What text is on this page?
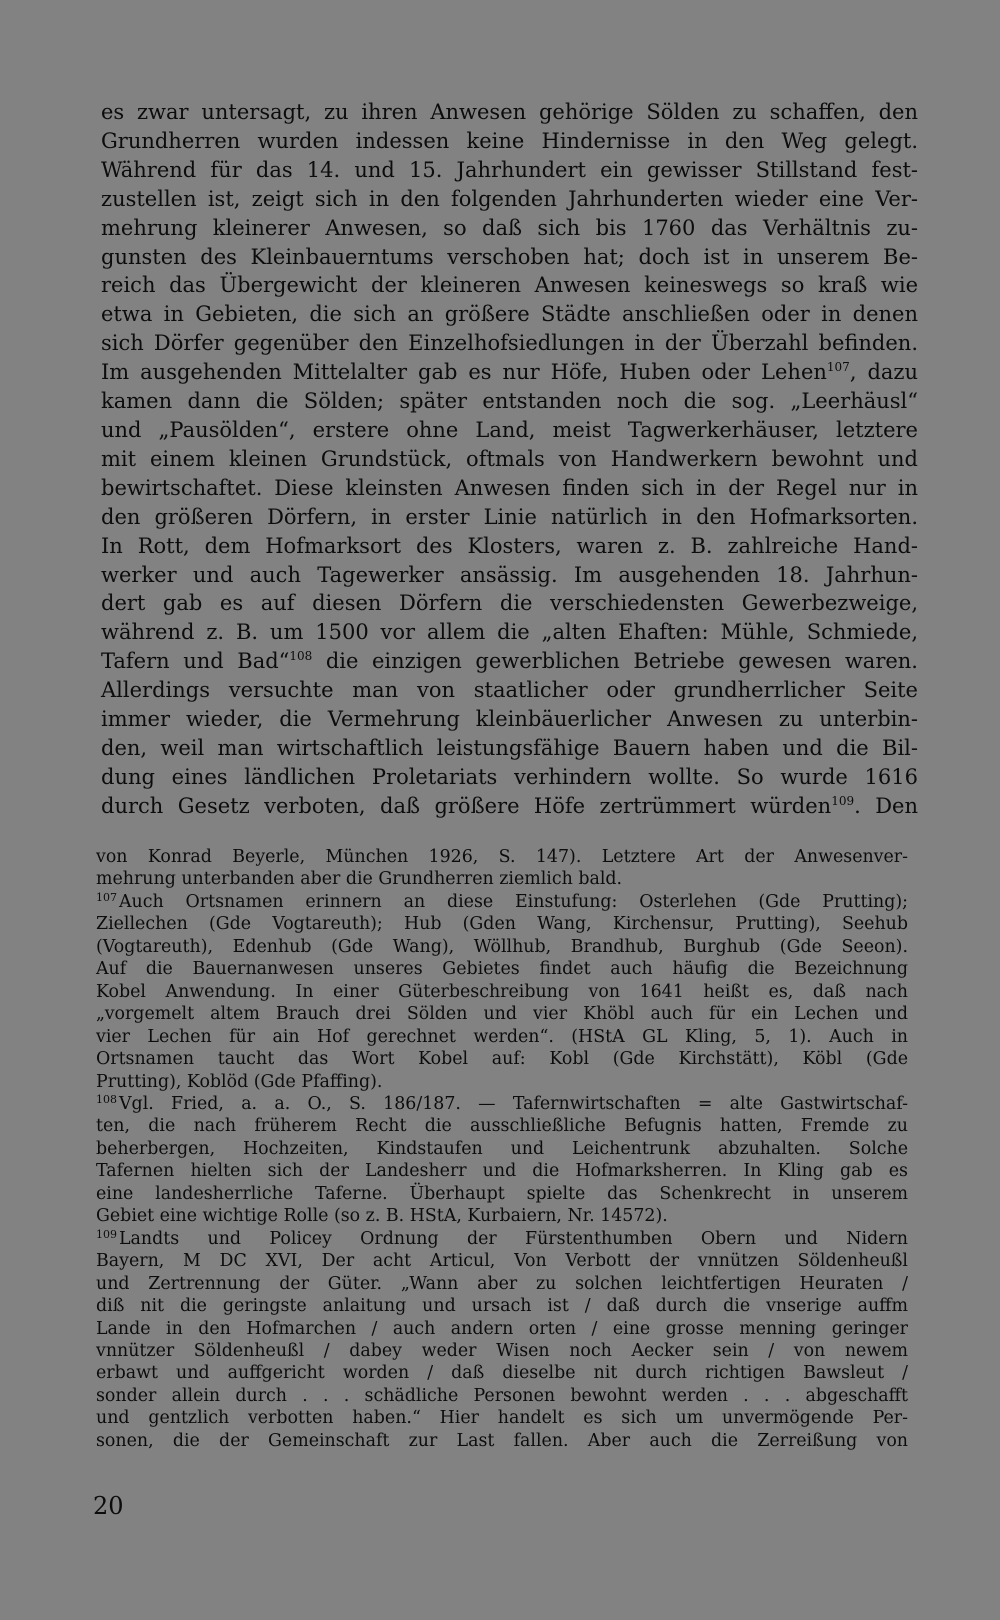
es zwar untersagt, zu ihren Anwesen gehörige Sölden zu schaffen, den
Grundherren wurden indessen keine Hindernisse in den Weg gelegt.
Während für das 14. und 15. Jahrhundert ein gewisser Stillstand fest-
zustellen ist, zeigt sich in den folgenden Jahrhunderten wieder eine Ver-
mehrung kleinerer Anwesen, so daß sich bis 1760 das Verhältnis zu-
gunsten des Kleinbauerntums verschoben hat; doch ist in unserem Be-
reich das Übergewicht der kleineren Anwesen keineswegs so kraß wie
etwa in Gebieten, die sich an größere Städte anschließen oder in denen
sich Dörfer gegenüber den Einzelhofsiedlungen in der Überzahl befinden.
Im ausgehenden Mittelalter gab es nur Höfe, Huben oder Lehen$^{107}$, dazu
kamen dann die Sölden; später entstanden noch die sog. „Leerhäusl“
und „Pausölden“, erstere ohne Land, meist Tagwerkerhäuser, letztere
mit einem kleinen Grundstück, oftmals von Handwerkern bewohnt und
bewirtschaftet. Diese kleinsten Anwesen finden sich in der Regel nur in
den größeren Dörfern, in erster Linie natürlich in den Hofmarksorten.
In Rott, dem Hofmarksort des Klosters, waren z. B. zahlreiche Hand-
werker und auch Tagewerker ansässig. Im ausgehenden 18. Jahrhun-
dert gab es auf diesen Dörfern die verschiedensten Gewerbezweige,
während z. B. um 1500 vor allem die „alten Ehaften: Mühle, Schmiede,
Tafern und Bad“$^{108}$ die einzigen gewerblichen Betriebe gewesen waren.
Allerdings versuchte man von staatlicher oder grundherrlicher Seite
immer wieder, die Vermehrung kleinbäuerlicher Anwesen zu unterbin-
den, weil man wirtschaftlich leistungsfähige Bauern haben und die Bil-
dung eines ländlichen Proletariats verhindern wollte. So wurde 1616
durch Gesetz verboten, daß größere Höfe zertrümmert würden$^{109}$. Den
von Konrad Beyerle, München 1926, S. 147). Letztere Art der Anwesenver-
mehrung unterbanden aber die Grundherren ziemlich bald.
$^{107}$ Auch Ortsnamen erinnern an diese Einstufung: Osterlehen (Gde Prutting);
Ziellechen (Gde Vogtareuth); Hub (Gden Wang, Kirchensur, Prutting), Seehub
(Vogtareuth), Edenhub (Gde Wang), Wöllhub, Brandhub, Burghub (Gde Seeon).
Auf die Bauernanwesen unseres Gebietes findet auch häufig die Bezeichnung
Kobel Anwendung. In einer Güterbeschreibung von 1641 heißt es, daß nach
„vorgemelt altem Brauch drei Sölden und vier Khöbl auch für ein Lechen und
vier Lechen für ain Hof gerechnet werden“. (HStA GL Kling, 5, 1). Auch in
Ortsnamen taucht das Wort Kobel auf: Kobl (Gde Kirchstätt), Köbl (Gde
Prutting), Koblöd (Gde Pfaffing).
$^{108}$ Vgl. Fried, a. a. O., S. 186/187. — Tafernwirtschaften = alte Gastwirtschaf-
ten, die nach früherem Recht die ausschließliche Befugnis hatten, Fremde zu
beherbergen, Hochzeiten, Kindstaufen und Leichentrunk abzuhalten. Solche
Tafernen hielten sich der Landesherr und die Hofmarksherren. In Kling gab es
eine landesherrliche Taferne. Überhaupt spielte das Schenkrecht in unserem
Gebiet eine wichtige Rolle (so z. B. HStA, Kurbaiern, Nr. 14572).
$^{109}$ Landts und Policey Ordnung der Fürstenthumben Obern und Nidern
Bayern, M DC XVI, Der acht Articul, Von Verbott der vnnützen Söldenheußl
und Zertrennung der Güter. „Wann aber zu solchen leichtfertigen Heuraten /
diß nit die geringste anlaitung und ursach ist / daß durch die vnserige auffm
Lande in den Hofmarchen / auch andern orten / eine grosse menning geringer
vnnützer Söldenheußl / dabey weder Wisen noch Aecker sein / von newem
erbawt und auffgericht worden / daß dieselbe nit durch richtigen Bawsleut /
sonder allein durch . . . schädliche Personen bewohnt werden . . . abgeschafft
und gentzlich verbotten haben.“ Hier handelt es sich um unvermögende Per-
sonen, die der Gemeinschaft zur Last fallen. Aber auch die Zerreißung von
20
